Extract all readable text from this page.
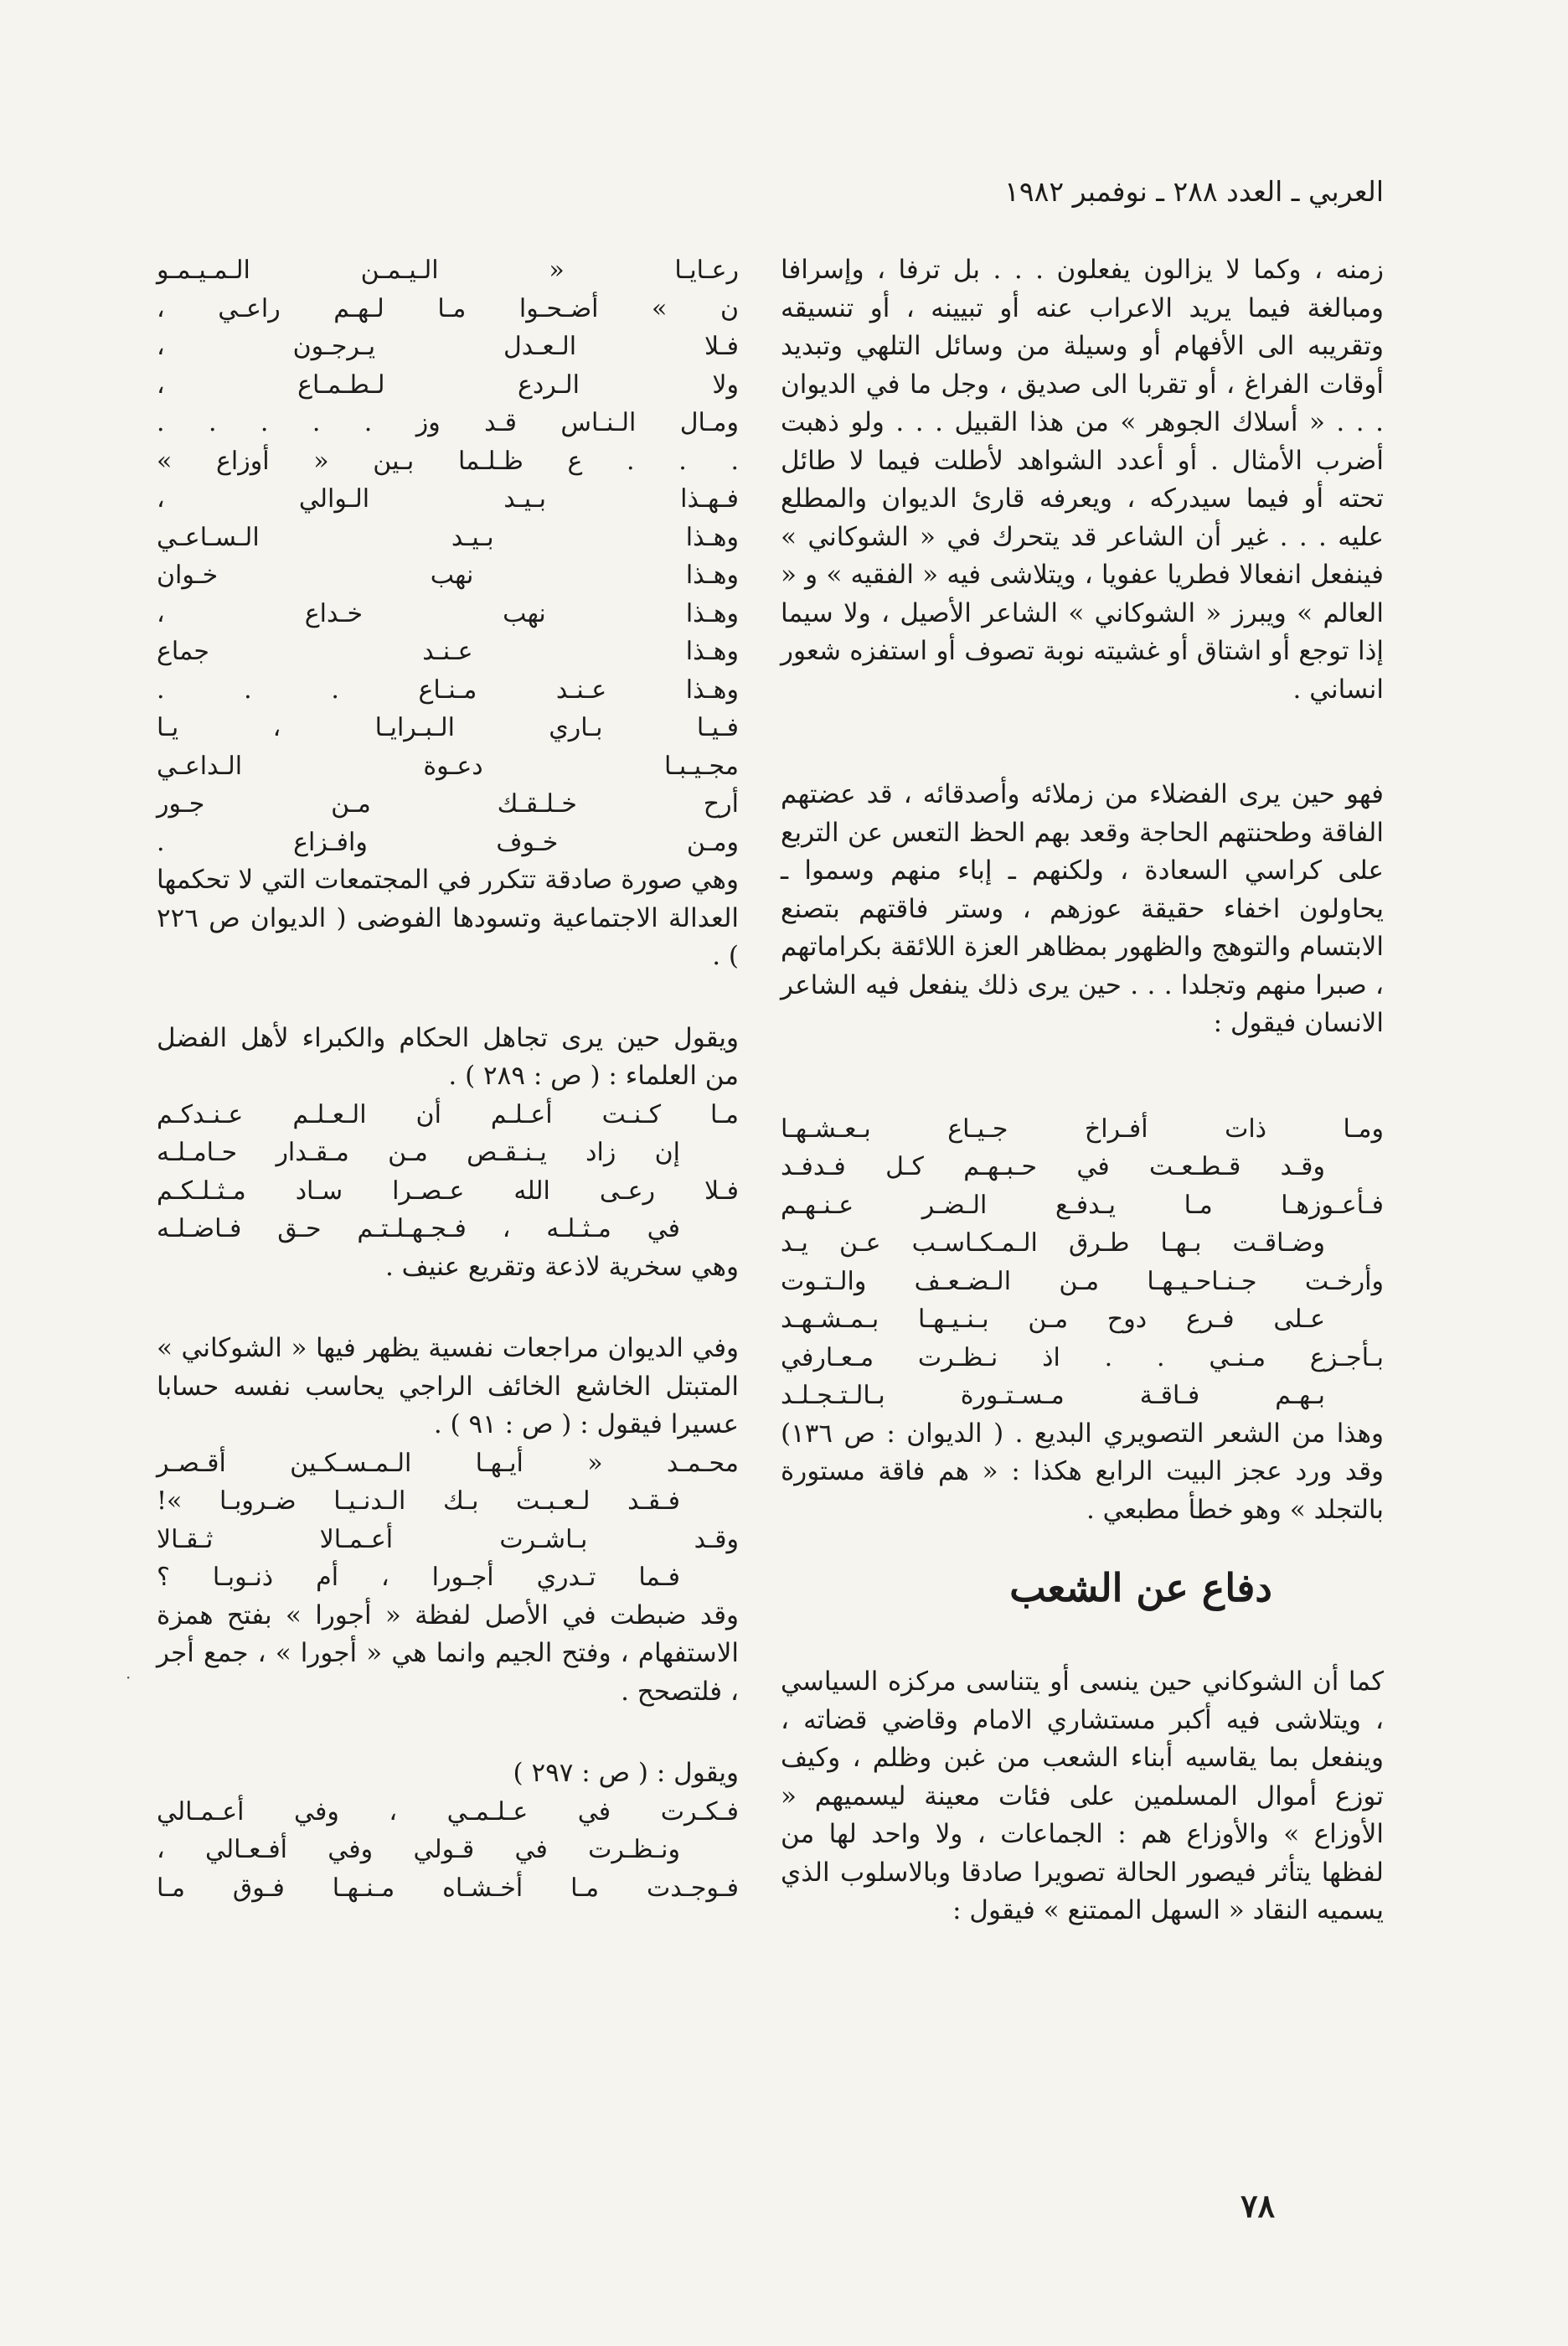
العربي ـ العدد ٢٨٨ ـ نوفمبر ١٩٨٢

زمنه ، وكما لا يزالون يفعلون . . . بل ترفا ، وإسرافا ومبالغة فيما يريد الاعراب عنه أو تبيينه ، أو تنسيقه وتقريبه الى الأفهام أو وسيلة من وسائل التلهي وتبديد أوقات الفراغ ، أو تقربا الى صديق ، وجل ما في الديوان . . . « أسلاك الجوهر » من هذا القبيل . . . ولو ذهبت أضرب الأمثال . أو أعدد الشواهد لأطلت فيما لا طائل تحته أو فيما سيدركه ، ويعرفه قارئ الديوان والمطلع عليه . . . غير أن الشاعر قد يتحرك في « الشوكاني » فينفعل انفعالا فطريا عفويا ، ويتلاشى فيه « الفقيه » و « العالم » ويبرز « الشوكاني » الشاعر الأصيل ، ولا سيما إذا توجع أو اشتاق أو غشيته نوبة تصوف أو استفزه شعور انساني .

فهو حين يرى الفضلاء من زملائه وأصدقائه ، قد عضتهم الفاقة وطحنتهم الحاجة وقعد بهم الحظ التعس عن التربع على كراسي السعادة ، ولكنهم ـ إباء منهم وسموا ـ يحاولون اخفاء حقيقة عوزهم ، وستر فاقتهم بتصنع الابتسام والتوهج والظهور بمظاهر العزة اللائقة بكراماتهم ، صبرا منهم وتجلدا . . . حين يرى ذلك ينفعل فيه الشاعر الانسان فيقول :

ومـا ذات أفـراخ جـيـاع بـعـشـهـا
وقـد قـطـعـت في حـبـهـم كـل فـدفـد
فـأعـوزهـا مـا يـدفـع الـضـر عـنـهـم
وضـاقـت بـهـا طـرق الـمـكـاسـب عـن يـد
وأرخـت جـنـاحـيـهـا مـن الـضـعـف والـتـوت
عـلى فـرع دوح مـن بـنـيـهـا بـمـشـهـد
بـأجـزع مـنـي . . اذ نـظـرت مـعـارفي
بـهـم فـاقـة مـسـتـورة بـالـتـجـلـد

وهذا من الشعر التصويري البديع . ( الديوان : ص ١٣٦) وقد ورد عجز البيت الرابع هكذا : « هم فاقة مستورة بالتجلد » وهو خطأ مطبعي .

دفاع عن الشعب

كما أن الشوكاني حين ينسى أو يتناسى مركزه السياسي ، ويتلاشى فيه أكبر مستشاري الامام وقاضي قضاته ، وينفعل بما يقاسيه أبناء الشعب من غبن وظلم ، وكيف توزع أموال المسلمين على فئات معينة ليسميهم « الأوزاع » والأوزاع هم : الجماعات ، ولا واحد لها من لفظها يتأثر فيصور الحالة تصويرا صادقا وبالاسلوب الذي يسميه النقاد « السهل الممتنع » فيقول :

رعـايـا « الـيـمـن الـمـيـمـو
ن » أضـحـوا مـا لـهـم راعـي ،
فـلا الـعـدل يـرجـون ،
ولا الـردع لـطـمـاع ،
ومـال الـنـاس قـد وز . . . . .
. . . ع ظـلـما بـين « أوزاع »
فـهـذا بـيـد الـوالي ،
وهـذا بـيـد الـسـاعـي
وهـذا نهب خـوان
وهـذا نهب خـداع ،
وهـذا عـنـد جماع
وهـذا عـنـد مـنـاع . . .
فـيـا بـاري الـبـرايـا ، يـا
مجـيـبـا دعـوة الـداعـي
أرح خـلـقـك مـن جـور
ومـن خـوف وافـزاع .

وهي صورة صادقة تتكرر في المجتمعات التي لا تحكمها العدالة الاجتماعية وتسودها الفوضى ( الديوان ص ٢٢٦ ) .

ويقول حين يرى تجاهل الحكام والكبراء لأهل الفضل من العلماء : ( ص : ٢٨٩ ) .

مـا كـنـت أعـلـم أن الـعـلـم عـنـدكـم
إن زاد يـنـقـص مـن مـقـدار حـامـلـه
فـلا رعـى الله عـصـرا سـاد مـثـلـكـم
في مـثـلـه ، فـجـهـلـتـم حـق فـاضـلـه

وهي سخرية لاذعة وتقريع عنيف .

وفي الديوان مراجعات نفسية يظهر فيها « الشوكاني » المتبتل الخاشع الخائف الراجي يحاسب نفسه حسابا عسيرا فيقول : ( ص : ٩١ ) .

محـمـد « أيـهـا الـمـسـكـين أقـصـر
فـقـد لـعـبـت بـك الـدنـيـا ضـروبـا »!
وقـد بـاشـرت أعـمـالا ثـقـالا
فـما تـدري أجـورا ، أم ذنـوبـا ؟

وقد ضبطت في الأصل لفظة « أجورا » بفتح همزة الاستفهام ، وفتح الجيم وانما هي « أجورا » ، جمع أجر ، فلتصحح .

ويقول : ( ص : ٢٩٧ )

فـكـرت في عـلـمـي ، وفي أعـمـالي
ونـظـرت في قـولي وفي أفـعـالي ،
فـوجـدت مـا أخـشـاه مـنـهـا فـوق مـا
٧٨
·
